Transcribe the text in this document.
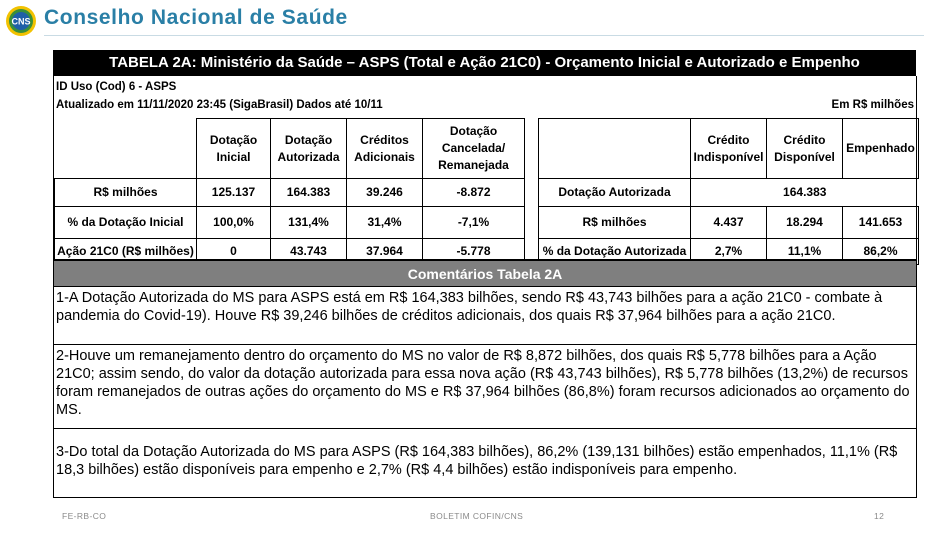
CNS Conselho Nacional de Saúde
TABELA 2A: Ministério da Saúde – ASPS (Total e Ação 21C0) - Orçamento Inicial e Autorizado e Empenho
ID Uso (Cod) 6 - ASPS
Atualizado em 11/11/2020 23:45 (SigaBrasil) Dados até 10/11	Em R$ milhões
	Dotação Inicial	Dotação Autorizada	Créditos Adicionais	Dotação Cancelada/ Remanejada
R$ milhões	125.137	164.383	39.246	-8.872
% da Dotação Inicial	100,0%	131,4%	31,4%	-7,1%
Ação 21C0 (R$ milhões)	0	43.743	37.964	-5.778
	Crédito Indisponível	Crédito Disponível	Empenhado
Dotação Autorizada	164.383		
R$ milhões	4.437	18.294	141.653
% da Dotação Autorizada	2,7%	11,1%	86,2%
Comentários Tabela 2A
1-A Dotação Autorizada do MS para ASPS está em R$ 164,383 bilhões, sendo R$ 43,743 bilhões para a ação 21C0 - combate à pandemia do Covid-19). Houve R$ 39,246 bilhões de créditos adicionais, dos quais R$ 37,964 bilhões para a ação 21C0.
2-Houve um remanejamento dentro do orçamento do MS no valor de R$ 8,872 bilhões, dos quais R$ 5,778 bilhões para a Ação 21C0; assim sendo, do valor da dotação autorizada para essa nova ação (R$ 43,743 bilhões), R$ 5,778 bilhões (13,2%) de recursos foram remanejados de outras ações do orçamento do MS e R$ 37,964 bilhões (86,8%) foram recursos adicionados ao orçamento do MS.
3-Do total da Dotação Autorizada do MS para ASPS (R$ 164,383 bilhões), 86,2% (139,131 bilhões) estão empenhados, 11,1% (R$ 18,3 bilhões) estão disponíveis para empenho e 2,7% (R$ 4,4 bilhões) estão indisponíveis para empenho.
FE-RB-CO	BOLETIM COFIN/CNS	12
